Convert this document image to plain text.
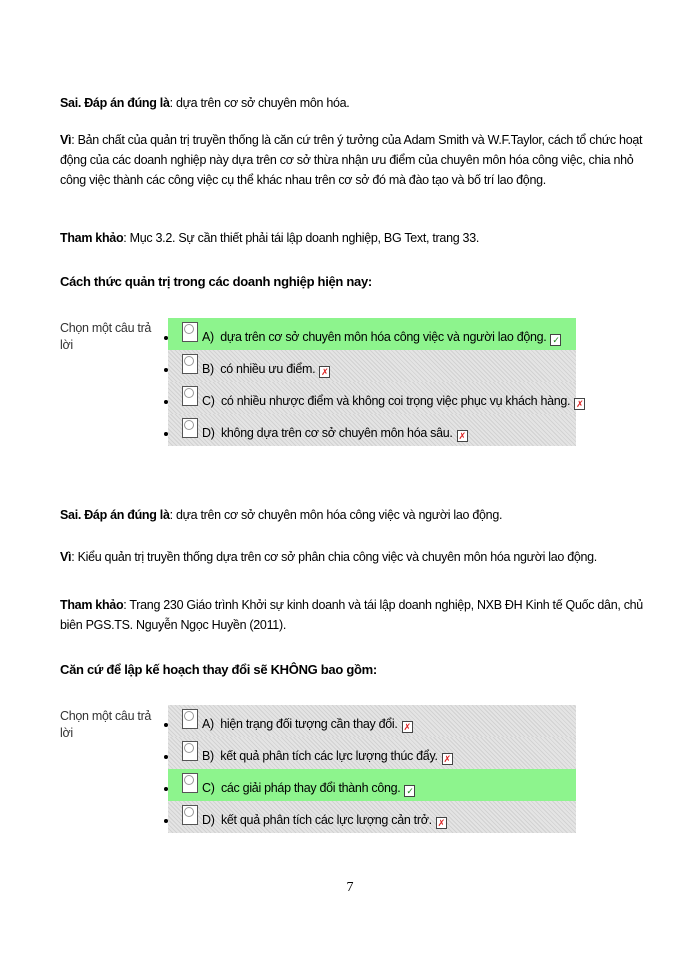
Sai. Đáp án đúng là: dựa trên cơ sở chuyên môn hóa.
Vì: Bản chất của quản trị truyền thống là căn cứ trên ý tưởng của Adam Smith và W.F.Taylor, cách tổ chức hoạt động của các doanh nghiệp này dựa trên cơ sở thừa nhận ưu điểm của chuyên môn hóa công việc, chia nhỏ công việc thành các công việc cụ thể khác nhau trên cơ sở đó mà đào tạo và bố trí lao động.
Tham khảo: Mục 3.2. Sự cần thiết phải tái lập doanh nghiệp, BG Text, trang 33.
Cách thức quản trị trong các doanh nghiệp hiện nay:
Chọn một câu trả lời
A) dựa trên cơ sở chuyên môn hóa công việc và người lao động. ✓
B) có nhiều ưu điểm. ✗
C) có nhiều nhược điểm và không coi trọng việc phục vụ khách hàng. ✗
D) không dựa trên cơ sở chuyên môn hóa sâu. ✗
Sai. Đáp án đúng là: dựa trên cơ sở chuyên môn hóa công việc và người lao động.
Vì: Kiểu quản trị truyền thống dựa trên cơ sở phân chia công việc và chuyên môn hóa người lao động.
Tham khảo: Trang 230 Giáo trình Khởi sự kinh doanh và tái lập doanh nghiệp, NXB ĐH Kinh tế Quốc dân, chủ biên PGS.TS. Nguyễn Ngọc Huyền (2011).
Căn cứ để lập kế hoạch thay đổi sẽ KHÔNG bao gồm:
Chọn một câu trả lời
A) hiện trạng đối tượng cần thay đổi. ✗
B) kết quả phân tích các lực lượng thúc đẩy. ✗
C) các giải pháp thay đổi thành công. ✓
D) kết quả phân tích các lực lượng cản trở. ✗
7
